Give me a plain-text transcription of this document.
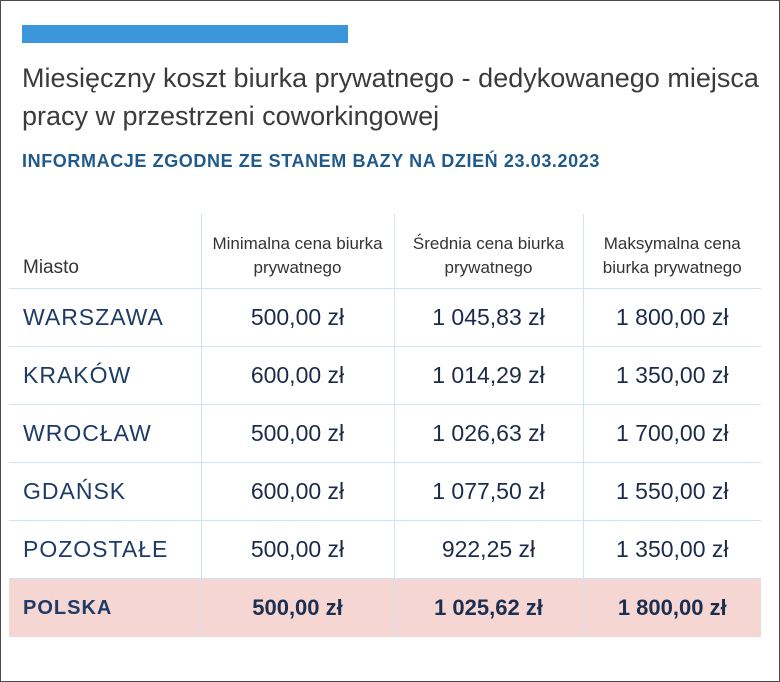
Miesięczny koszt biurka prywatnego - dedykowanego miejsca pracy w przestrzeni coworkingowej
INFORMACJE ZGODNE ZE STANEM BAZY NA DZIEŃ 23.03.2023
Miasto	Minimalna cena biurka prywatnego	Średnia cena biurka prywatnego	Maksymalna cena biurka prywatnego
WARSZAWA	500,00 zł	1 045,83 zł	1 800,00 zł
KRAKÓW	600,00 zł	1 014,29 zł	1 350,00 zł
WROCŁAW	500,00 zł	1 026,63 zł	1 700,00 zł
GDAŃSK	600,00 zł	1 077,50 zł	1 550,00 zł
POZOSTAŁE	500,00 zł	922,25 zł	1 350,00 zł
POLSKA	500,00 zł	1 025,62 zł	1 800,00 zł
